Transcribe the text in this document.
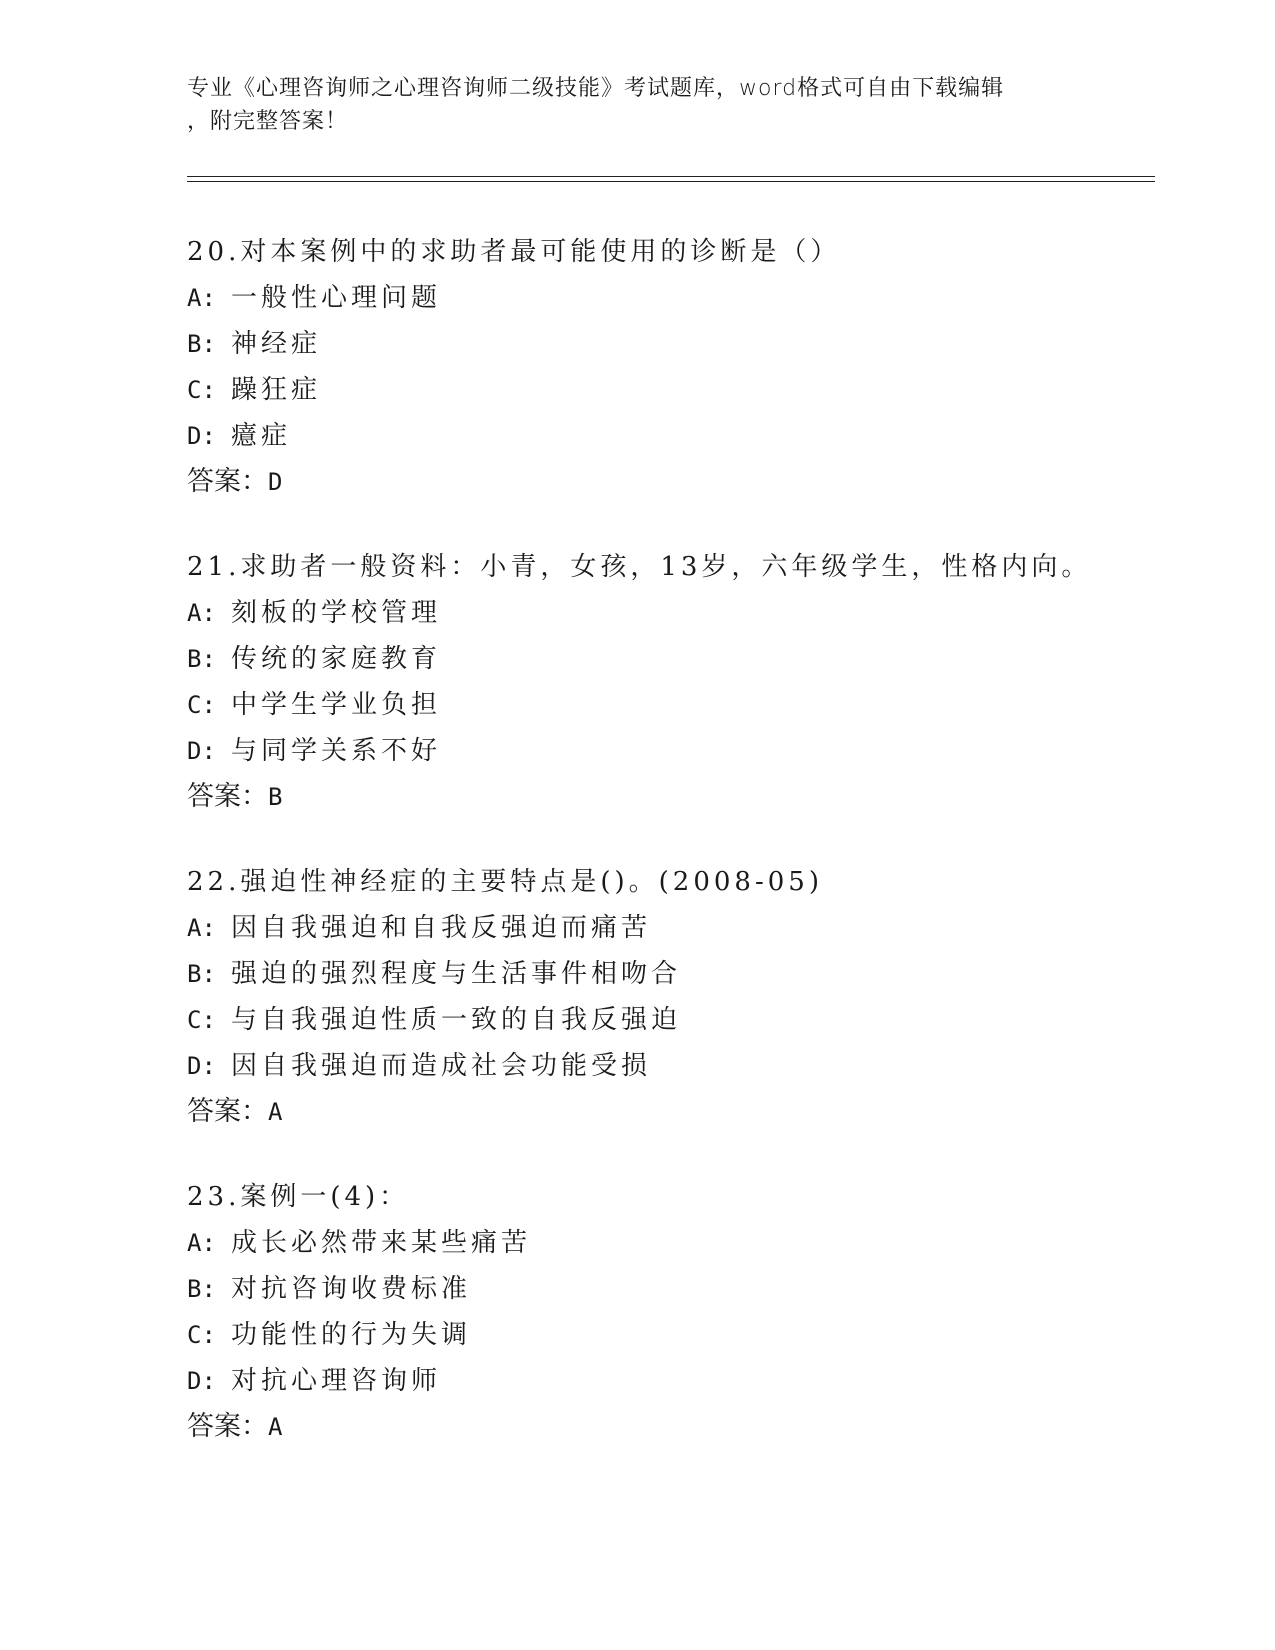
专业《心理咨询师之心理咨询师二级技能》考试题库，word格式可自由下载编辑
，附完整答案！
20.对本案例中的求助者最可能使用的诊断是（）
A: 一般性心理问题
B: 神经症
C: 躁狂症
D: 癔症
答案：D
21.求助者一般资料：小青，女孩，13岁，六年级学生，性格内向。
A: 刻板的学校管理
B: 传统的家庭教育
C: 中学生学业负担
D: 与同学关系不好
答案：B
22.强迫性神经症的主要特点是()。(2008-05)
A: 因自我强迫和自我反强迫而痛苦
B: 强迫的强烈程度与生活事件相吻合
C: 与自我强迫性质一致的自我反强迫
D: 因自我强迫而造成社会功能受损
答案：A
23.案例一(4)：
A: 成长必然带来某些痛苦
B: 对抗咨询收费标准
C: 功能性的行为失调
D: 对抗心理咨询师
答案：A
